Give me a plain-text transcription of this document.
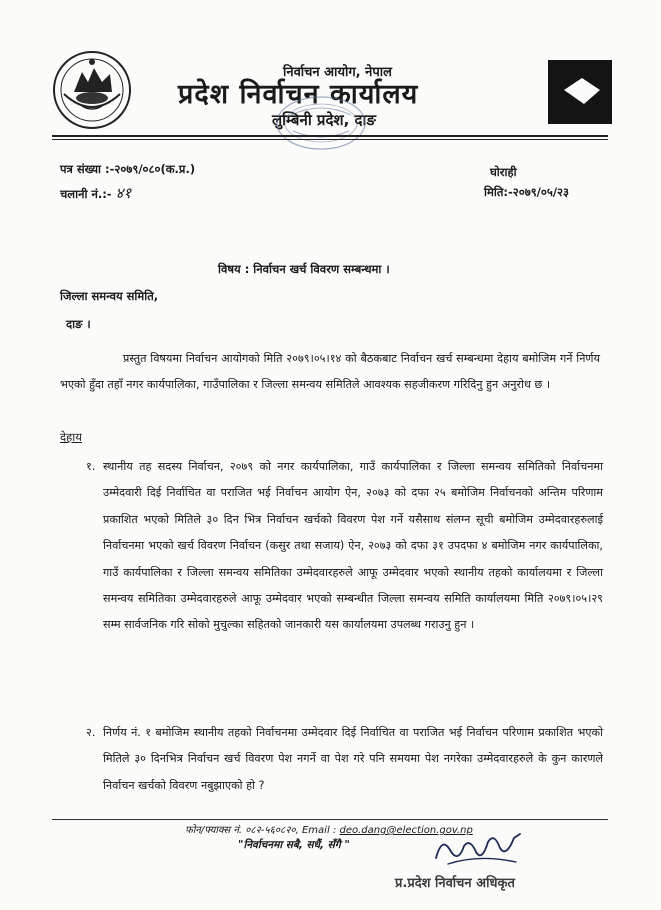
निर्वाचन आयोग, नेपाल
प्रदेश निर्वाचन कार्यालय
लुम्बिनी प्रदेश, दाङ
पत्र संख्या :-२०७९/०८०(क.प्र.)
चलानी नं.:- ४१
घोराही
मिति:-२०७९/०५/२३
विषय : निर्वाचन खर्च विवरण सम्बन्धमा ।
जिल्ला समन्वय समिति,
दाङ ।
प्रस्तुत विषयमा निर्वाचन आयोगको मिति २०७९।०५।१४ को बैठकबाट निर्वाचन खर्च सम्बन्धमा देहाय बमोजिम गर्ने निर्णय भएको हुँदा तहाँ नगर कार्यपालिका, गाउँपालिका र जिल्ला समन्वय समितिले आवश्यक सहजीकरण गरिदिनु हुन अनुरोध छ ।
देहाय
१. स्थानीय तह सदस्य निर्वाचन, २०७९ को नगर कार्यपालिका, गाउँ कार्यपालिका र जिल्ला समन्वय समितिको निर्वाचनमा उम्मेदवारी दिई निर्वाचित वा पराजित भई निर्वाचन आयोग ऐन, २०७३ को दफा २५ बमोजिम निर्वाचनको अन्तिम परिणाम प्रकाशित भएको मितिले ३० दिन भित्र निर्वाचन खर्चको विवरण पेश गर्ने यसैसाथ संलग्न सूची बमोजिम उम्मेदवारहरुलाई निर्वाचनमा भएको खर्च विवरण निर्वाचन (कसुर तथा सजाय) ऐन, २०७३ को दफा ३१ उपदफा ४ बमोजिम नगर कार्यपालिका, गाउँ कार्यपालिका र जिल्ला समन्वय समितिका उम्मेदवारहरुले आफू उम्मेदवार भएको स्थानीय तहको कार्यालयमा र जिल्ला समन्वय समितिका उम्मेदवारहरुले आफू उम्मेदवार भएको सम्बन्धीत जिल्ला समन्वय समिति कार्यालयमा मिति २०७९।०५।२९ सम्म सार्वजनिक गरि सोको मुचुल्का सहितको जानकारी यस कार्यालयमा उपलब्ध गराउनु हुन ।
२. निर्णय नं. १ बमोजिम स्थानीय तहको निर्वाचनमा उम्मेदवार दिई निर्वाचित वा पराजित भई निर्वाचन परिणाम प्रकाशित भएको मितिले ३० दिनभित्र निर्वाचन खर्च विवरण पेश नगर्ने वा पेश गरे पनि समयमा पेश नगरेका उम्मेदवारहरुले के कुन कारणले निर्वाचन खर्चको विवरण नबुझाएको हो ?
फोन/फ्याक्स नं. ०८२-५६०८२०, Email : deo.dang@election.gov.np
"निर्वाचनमा सबै, सधैं, सँगै "
प्र.प्रदेश निर्वाचन अधिकृत
